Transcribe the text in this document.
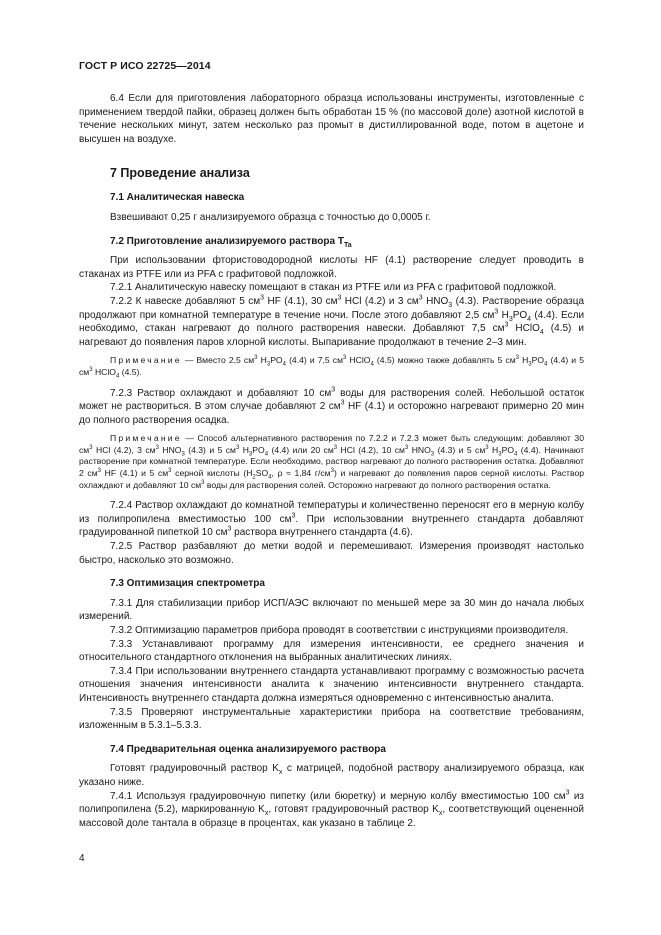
ГОСТ Р ИСО 22725—2014
6.4 Если для приготовления лабораторного образца использованы инструменты, изготовленные с применением твердой пайки, образец должен быть обработан 15 % (по массовой доле) азотной кислотой в течение нескольких минут, затем несколько раз промыт в дистиллированной воде, потом в ацетоне и высушен на воздухе.
7 Проведение анализа
7.1 Аналитическая навеска
Взвешивают 0,25 г анализируемого образца с точностью до 0,0005 г.
7.2 Приготовление анализируемого раствора $T_{Ta}$
При использовании фтористоводородной кислоты HF (4.1) растворение следует проводить в стаканах из PTFE или из PFA с графитовой подложкой.
7.2.1 Аналитическую навеску помещают в стакан из PTFE или из PFA с графитовой подложкой.
7.2.2 К навеске добавляют 5 $см^3$ HF (4.1), 30 $см^3$ HCl (4.2) и 3 $см^3$ $HNO_3$ (4.3). Растворение образца продолжают при комнатной температуре в течение ночи. После этого добавляют 2,5 $см^3$ $H_3PO_4$ (4.4). Если необходимо, стакан нагревают до полного растворения навески. Добавляют 7,5 $см^3$ HClO$_4$ (4.5) и нагревают до появления паров хлорной кислоты. Выпаривание продолжают в течение 2–3 мин.
Примечание — Вместо 2,5 $см^3$ $H_3PO_4$ (4.4) и 7,5 $см^3$ HClO$_4$ (4.5) можно также добавлять 5 $см^3$ $H_3PO_4$ (4.4) и 5 $см^3$ HClO$_4$ (4.5).
7.2.3 Раствор охлаждают и добавляют 10 $см^3$ воды для растворения солей. Небольшой остаток может не раствориться. В этом случае добавляют 2 $см^3$ HF (4.1) и осторожно нагревают примерно 20 мин до полного растворения осадка.
Примечание — Способ альтернативного растворения по 7.2.2 и 7.2.3 может быть следующим: добавляют 30 $см^3$ HCl (4.2), 3 $см^3$ $HNO_3$ (4.3) и 5 $см^3$ $H_3PO_4$ (4.4) или 20 $см^3$ HCl (4.2), 10 $см^3$ $HNO_3$ (4.3) и 5 $см^3$ $H_3PO_4$ (4.4). Начинают растворение при комнатной температуре. Если необходимо, раствор нагревают до полного растворения остатка. Добавляют 2 $см^3$ HF (4.1) и 5 $см^3$ серной кислоты ($H_2SO_4$, ρ ≈ 1,84 $г/см^3$) и нагревают до появления паров серной кислоты. Раствор охлаждают и добавляют 10 $см^3$ воды для растворения солей. Осторожно нагревают до полного растворения остатка.
7.2.4 Раствор охлаждают до комнатной температуры и количественно переносят его в мерную колбу из полипропилена вместимостью 100 $см^3$. При использовании внутреннего стандарта добавляют градуированной пипеткой 10 $см^3$ раствора внутреннего стандарта (4.6).
7.2.5 Раствор разбавляют до метки водой и перемешивают. Измерения производят настолько быстро, насколько это возможно.
7.3 Оптимизация спектрометра
7.3.1 Для стабилизации прибор ИСП/АЭС включают по меньшей мере за 30 мин до начала любых измерений.
7.3.2 Оптимизацию параметров прибора проводят в соответствии с инструкциями производителя.
7.3.3 Устанавливают программу для измерения интенсивности, ее среднего значения и относительного стандартного отклонения на выбранных аналитических линиях.
7.3.4 При использовании внутреннего стандарта устанавливают программу с возможностью расчета отношения значения интенсивности аналита к значению интенсивности внутреннего стандарта. Интенсивность внутреннего стандарта должна измеряться одновременно с интенсивностью аналита.
7.3.5 Проверяют инструментальные характеристики прибора на соответствие требованиям, изложенным в 5.3.1–5.3.3.
7.4 Предварительная оценка анализируемого раствора
Готовят градуировочный раствор $K_x$ с матрицей, подобной раствору анализируемого образца, как указано ниже.
7.4.1 Используя градуировочную пипетку (или бюретку) и мерную колбу вместимостью 100 $см^3$ из полипропилена (5.2), маркированную $K_x$, готовят градуировочный раствор $K_x$, соответствующий оцененной массовой доле тантала в образце в процентах, как указано в таблице 2.
4
